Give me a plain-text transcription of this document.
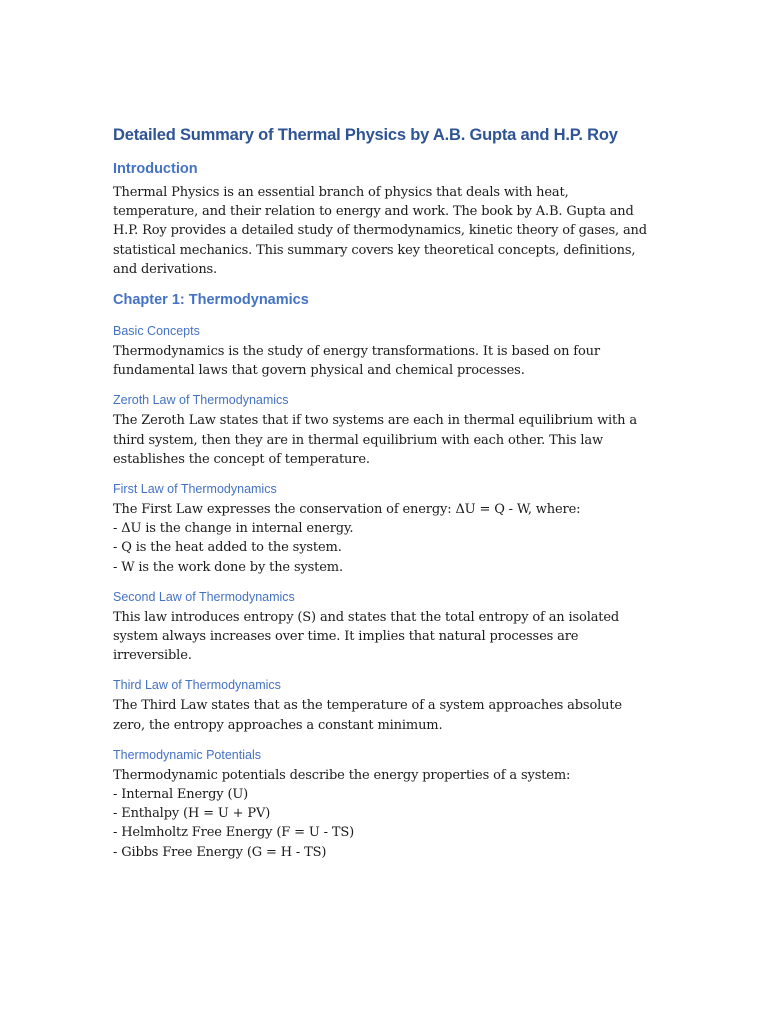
Detailed Summary of Thermal Physics by A.B. Gupta and H.P. Roy
Introduction

Thermal Physics is an essential branch of physics that deals with heat, temperature, and their relation to energy and work. The book by A.B. Gupta and H.P. Roy provides a detailed study of thermodynamics, kinetic theory of gases, and statistical mechanics. This summary covers key theoretical concepts, definitions, and derivations.

Chapter 1: Thermodynamics
Basic Concepts

Thermodynamics is the study of energy transformations. It is based on four fundamental laws that govern physical and chemical processes.

Zeroth Law of Thermodynamics

The Zeroth Law states that if two systems are each in thermal equilibrium with a third system, then they are in thermal equilibrium with each other. This law establishes the concept of temperature.

First Law of Thermodynamics

The First Law expresses the conservation of energy: ΔU = Q - W, where:

- ΔU is the change in internal energy.

- Q is the heat added to the system.

- W is the work done by the system.

Second Law of Thermodynamics

This law introduces entropy (S) and states that the total entropy of an isolated system always increases over time. It implies that natural processes are irreversible.

Third Law of Thermodynamics

The Third Law states that as the temperature of a system approaches absolute zero, the entropy approaches a constant minimum.

Thermodynamic Potentials

Thermodynamic potentials describe the energy properties of a system:

- Internal Energy (U)

- Enthalpy (H = U + PV)

- Helmholtz Free Energy (F = U - TS)

- Gibbs Free Energy (G = H - TS)
